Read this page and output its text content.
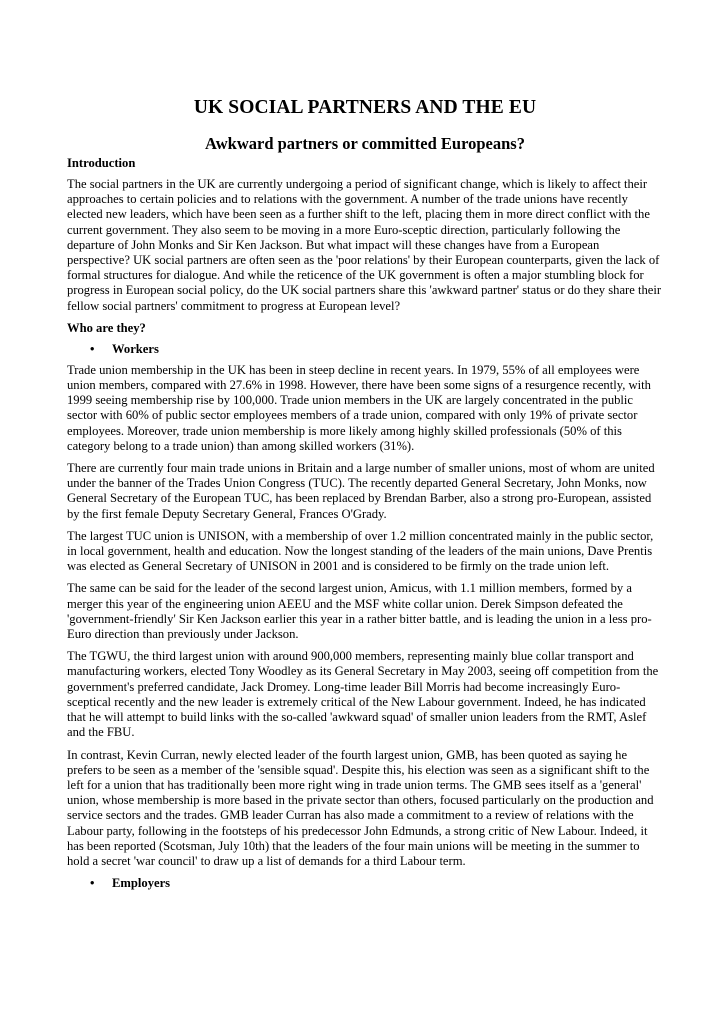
UK SOCIAL PARTNERS AND THE EU
Awkward partners or committed Europeans?
Introduction

The social partners in the UK are currently undergoing a period of significant change, which is likely to affect their approaches to certain policies and to relations with the government. A number of the trade unions have recently elected new leaders, which have been seen as a further shift to the left, placing them in more direct conflict with the current government. They also seem to be moving in a more Euro-sceptic direction, particularly following the departure of John Monks and Sir Ken Jackson. But what impact will these changes have from a European perspective? UK social partners are often seen as the 'poor relations' by their European counterparts, given the lack of formal structures for dialogue. And while the reticence of the UK government is often a major stumbling block for progress in European social policy, do the UK social partners share this 'awkward partner' status or do they share their fellow social partners' commitment to progress at European level?

Who are they?
•	Workers

Trade union membership in the UK has been in steep decline in recent years. In 1979, 55% of all employees were union members, compared with 27.6% in 1998. However, there have been some signs of a resurgence recently, with 1999 seeing membership rise by 100,000. Trade union members in the UK are largely concentrated in the public sector with 60% of public sector employees members of a trade union, compared with only 19% of private sector employees. Moreover, trade union membership is more likely among highly skilled professionals (50% of this category belong to a trade union) than among skilled workers (31%).

There are currently four main trade unions in Britain and a large number of smaller unions, most of whom are united under the banner of the Trades Union Congress (TUC). The recently departed General Secretary, John Monks, now General Secretary of the European TUC, has been replaced by Brendan Barber, also a strong pro-European, assisted by the first female Deputy Secretary General, Frances O'Grady.

The largest TUC union is UNISON, with a membership of over 1.2 million concentrated mainly in the public sector, in local government, health and education. Now the longest standing of the leaders of the main unions, Dave Prentis was elected as General Secretary of UNISON in 2001 and is considered to be firmly on the trade union left.

The same can be said for the leader of the second largest union, Amicus, with 1.1 million members, formed by a merger this year of the engineering union AEEU and the MSF white collar union. Derek Simpson defeated the 'government-friendly' Sir Ken Jackson earlier this year in a rather bitter battle, and is leading the union in a less pro-Euro direction than previously under Jackson.

The TGWU, the third largest union with around 900,000 members, representing mainly blue collar transport and manufacturing workers, elected Tony Woodley as its General Secretary in May 2003, seeing off competition from the government's preferred candidate, Jack Dromey. Long-time leader Bill Morris had become increasingly Euro-sceptical recently and the new leader is extremely critical of the New Labour government. Indeed, he has indicated that he will attempt to build links with the so-called 'awkward squad' of smaller union leaders from the RMT, Aslef and the FBU.

In contrast, Kevin Curran, newly elected leader of the fourth largest union, GMB, has been quoted as saying he prefers to be seen as a member of the 'sensible squad'. Despite this, his election was seen as a significant shift to the left for a union that has traditionally been more right wing in trade union terms. The GMB sees itself as a 'general' union, whose membership is more based in the private sector than others, focused particularly on the production and service sectors and the trades. GMB leader Curran has also made a commitment to a review of relations with the Labour party, following in the footsteps of his predecessor John Edmunds, a strong critic of New Labour. Indeed, it has been reported (Scotsman, July 10th) that the leaders of the four main unions will be meeting in the summer to hold a secret 'war council' to draw up a list of demands for a third Labour term.

•	Employers
